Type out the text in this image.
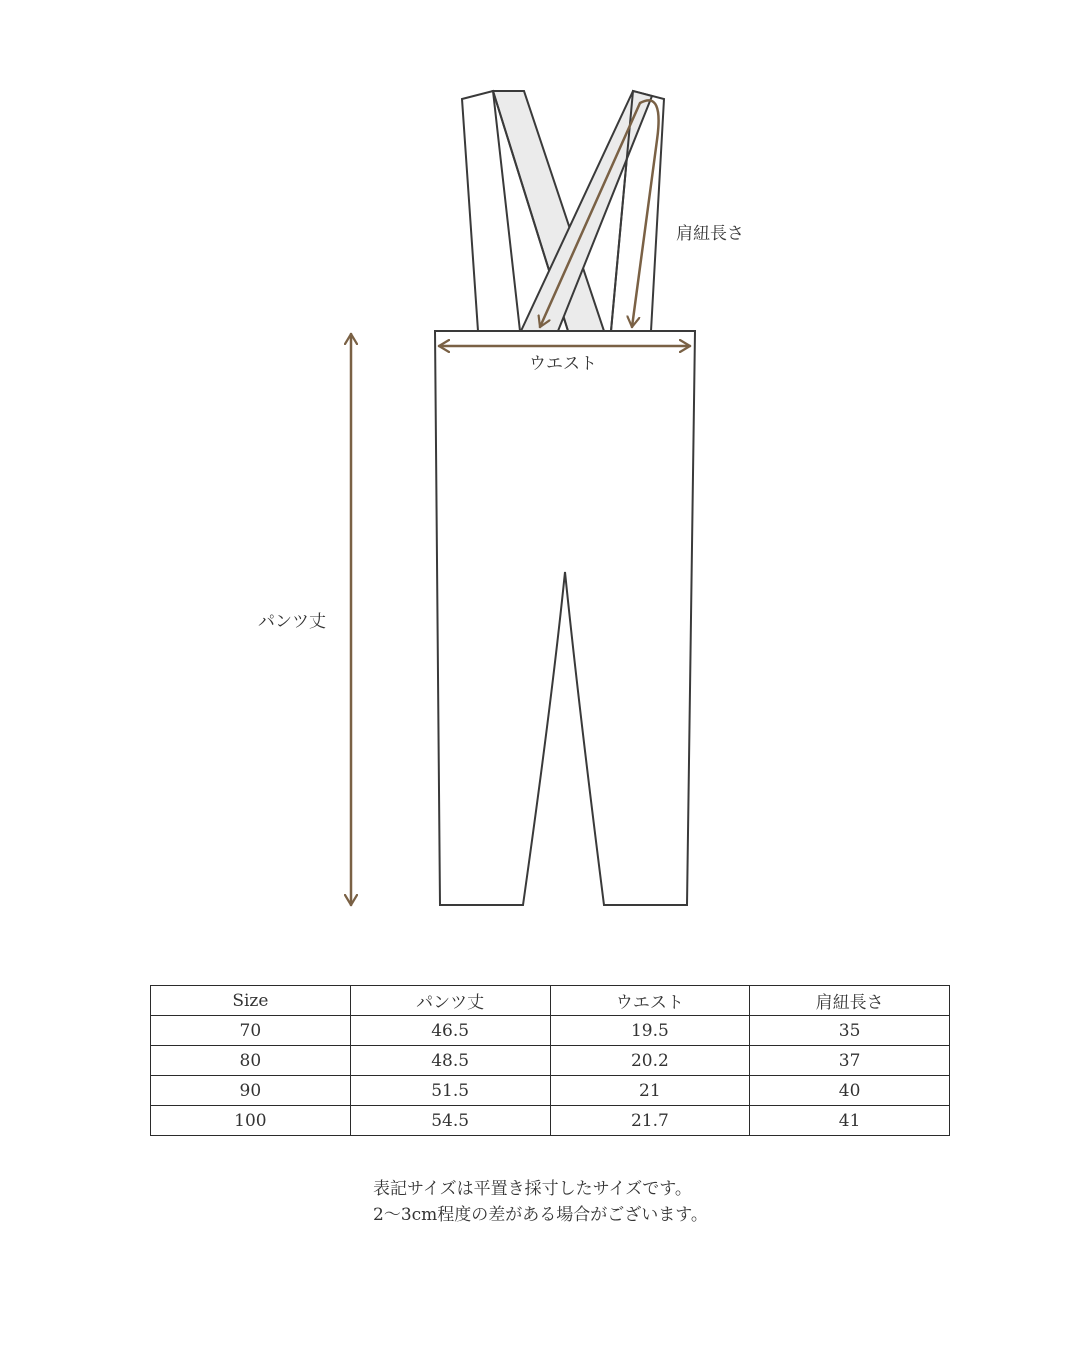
パンツ丈

ウエスト

肩紐長さ

Size	パンツ丈	ウエスト	肩紐長さ
70	46.5	19.5	35
80	48.5	20.2	37
90	51.5	21	40
100	54.5	21.7	41

表記サイズは平置き採寸したサイズです。

2〜3cm程度の差がある場合がございます。
